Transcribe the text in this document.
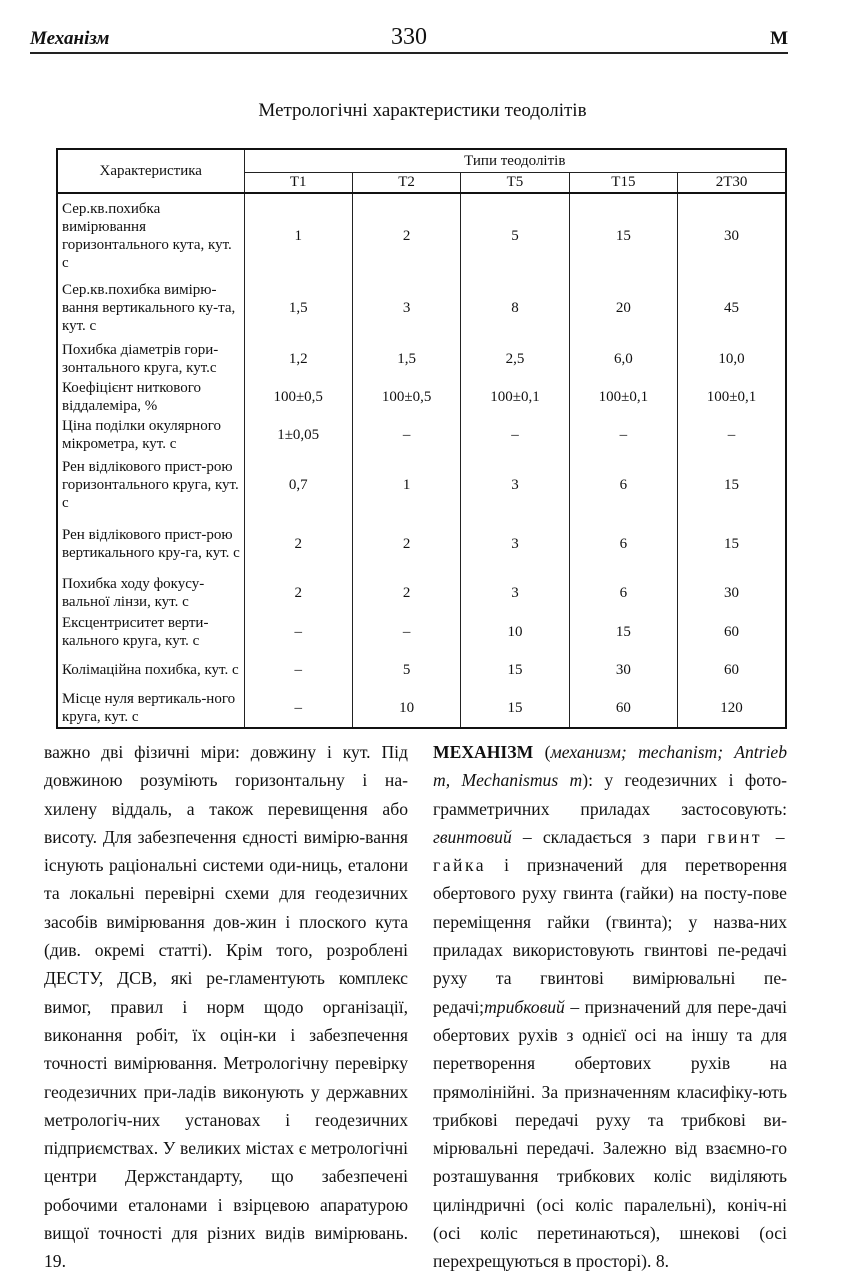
Механізм	330	М
Метрологічні характеристики теодолітів
Характеристика	Типи теодолітів				
	Т1	Т2	Т5	Т15	2Т30
Сер.кв.похибка вимірювання горизонтального кута, кут. с	1	2	5	15	30
Сер.кв.похибка вимірю-вання вертикального ку-та, кут. с	1,5	3	8	20	45
Похибка діаметрів гори-зонтального круга, кут.с	1,2	1,5	2,5	6,0	10,0
Коефіцієнт ниткового віддалеміра, %	100±0,5	100±0,5	100±0,1	100±0,1	100±0,1
Ціна поділки окулярного мікрометра, кут. с	1±0,05	–	–	–	–
Рен відлікового прист-рою горизонтального круга, кут. с	0,7	1	3	6	15
Рен відлікового прист-рою вертикального кру-га, кут. с	2	2	3	6	15
Похибка ходу фокусу-вальної лінзи, кут. с	2	2	3	6	30
Ексцентриситет верти-кального круга, кут. с	–	–	10	15	60
Колімаційна похибка, кут. с	–	5	15	30	60
Місце нуля вертикаль-ного круга, кут. с	–	10	15	60	120

важно дві фізичні міри: довжину і кут. Під довжиною розуміють горизонтальну і на-хилену віддаль, а також перевищення або висоту. Для забезпечення єдності вимірю-вання існують раціональні системи оди-ниць, еталони та локальні перевірні схеми для геодезичних засобів вимірювання дов-жин і плоского кута (див. окремі статті). Крім того, розроблені ДЕСТУ, ДСВ, які ре-гламентують комплекс вимог, правил і норм щодо організації, виконання робіт, їх оцін-ки і забезпечення точності вимірювання. Метрологічну перевірку геодезичних при-ладів виконують у державних метрологіч-них установах і геодезичних підприємствах. У великих містах є метрологічні центри Держстандарту, що забезпечені робочими еталонами і взірцевою апаратурою вищої точності для різних видів вимірювань. 19.

МЕХАНІЗМ (механизм; mechanism; Antrieb m, Mechanismus m): у геодезичних і фото-грамметричних приладах застосовують: гвинтовий – складається з пари гвинт – гайка і призначений для перетворення обертового руху гвинта (гайки) на посту-пове переміщення гайки (гвинта); у назва-них приладах використовують гвинтові пе-редачі руху та гвинтові вимірювальні пе-редачі;трибковий – призначений для пере-дачі обертових рухів з однієї осі на іншу та для перетворення обертових рухів на прямолінійні. За призначенням класифіку-ють трибкові передачі руху та трибкові ви-мірювальні передачі. Залежно від взаємно-го розташування трибкових коліс виділяють циліндричні (осі коліс паралельні), коніч-ні (осі коліс перетинаються), шнекові (осі перехрещуються в просторі). 8.
